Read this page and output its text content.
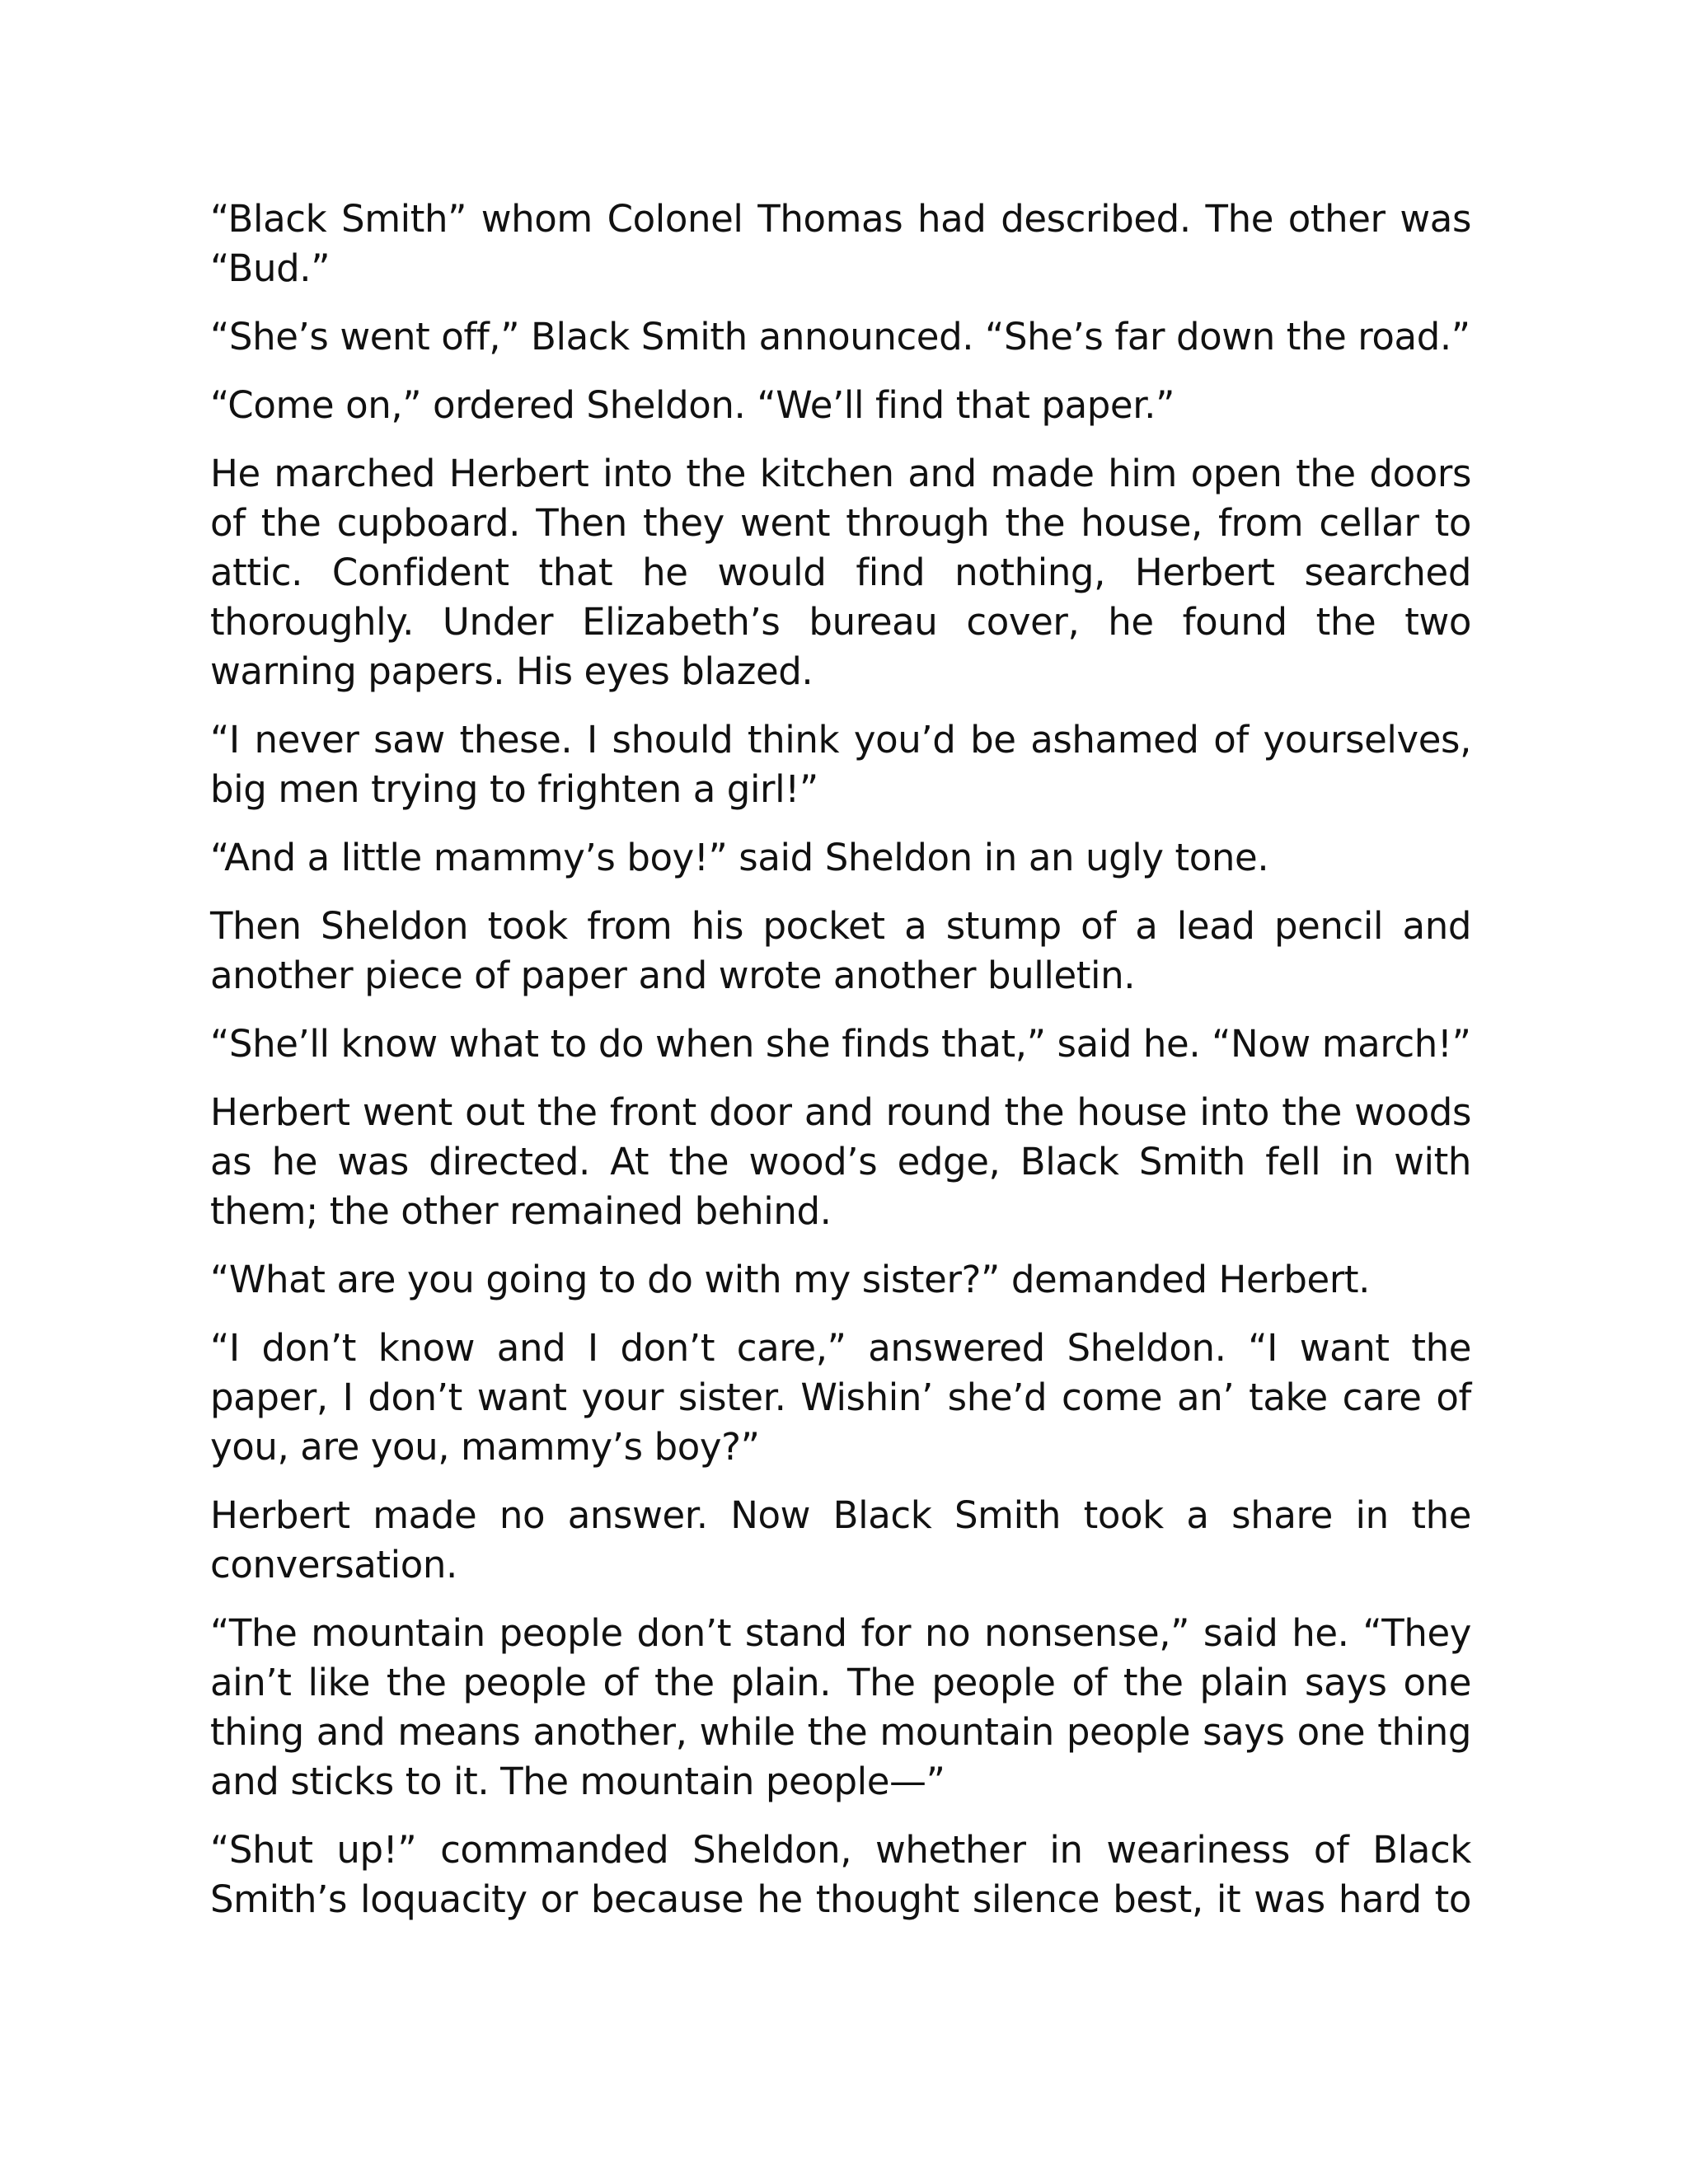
“Black Smith” whom Colonel Thomas had described. The other was “Bud.”

“She’s went off,” Black Smith announced. “She’s far down the road.”

“Come on,” ordered Sheldon. “We’ll find that paper.”

He marched Herbert into the kitchen and made him open the doors of the cupboard. Then they went through the house, from cellar to attic. Confident that he would find nothing, Herbert searched thoroughly. Under Elizabeth’s bureau cover, he found the two warning papers. His eyes blazed.

“I never saw these. I should think you’d be ashamed of yourselves, big men trying to frighten a girl!”

“And a little mammy’s boy!” said Sheldon in an ugly tone.

Then Sheldon took from his pocket a stump of a lead pencil and another piece of paper and wrote another bulletin.

“She’ll know what to do when she finds that,” said he. “Now march!”

Herbert went out the front door and round the house into the woods as he was directed. At the wood’s edge, Black Smith fell in with them; the other remained behind.

“What are you going to do with my sister?” demanded Herbert.

“I don’t know and I don’t care,” answered Sheldon. “I want the paper, I don’t want your sister. Wishin’ she’d come an’ take care of you, are you, mammy’s boy?”

Herbert made no answer. Now Black Smith took a share in the conversation.

“The mountain people don’t stand for no nonsense,” said he. “They ain’t like the people of the plain. The people of the plain says one thing and means another, while the mountain people says one thing and sticks to it. The mountain people—”

“Shut up!” commanded Sheldon, whether in weariness of Black Smith’s loquacity or because he thought silence best, it was hard to
